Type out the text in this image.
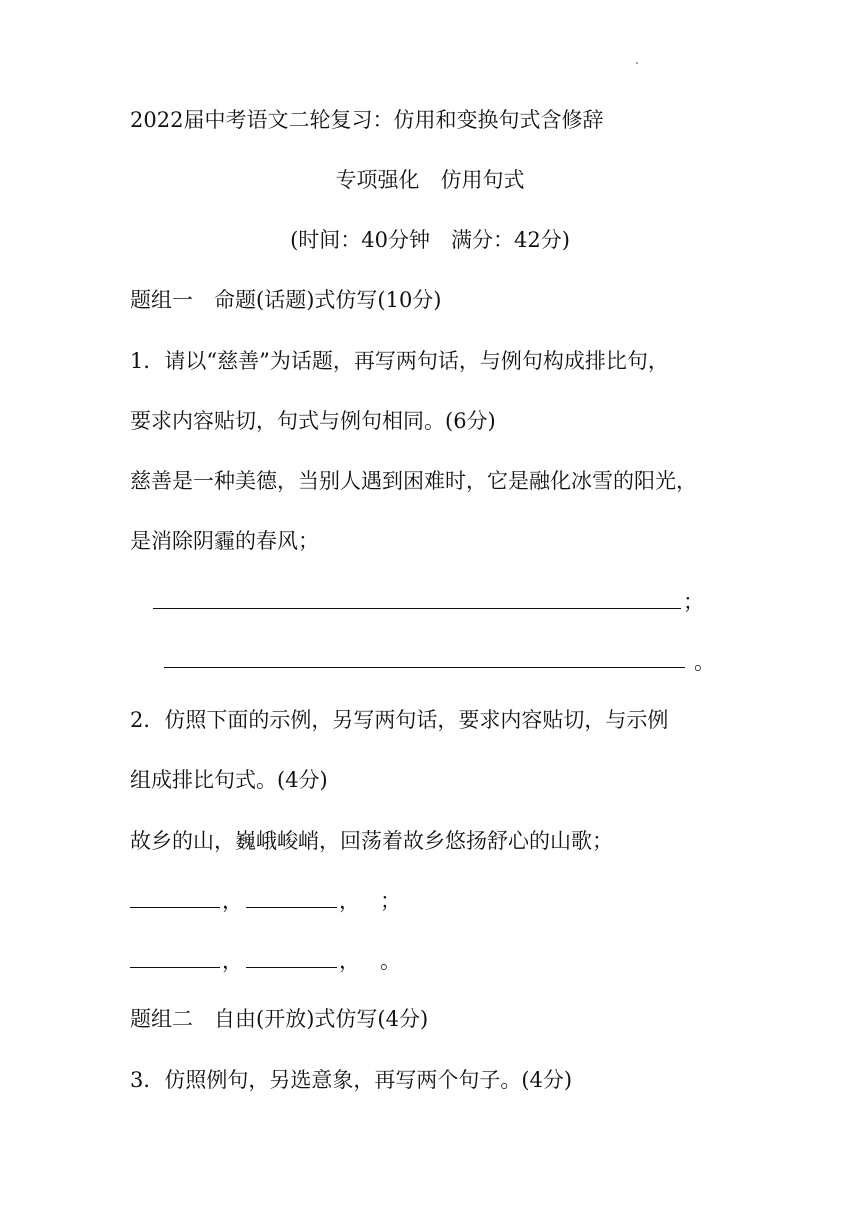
2022届中考语文二轮复习：仿用和变换句式含修辞
专项强化　仿用句式
(时间：40分钟　满分：42分)
题组一　命题(话题)式仿写(10分)
1．请以“慈善”为话题，再写两句话，与例句构成排比句，
要求内容贴切，句式与例句相同。(6分)
慈善是一种美德，当别人遇到困难时，它是融化冰雪的阳光，
是消除阴霾的春风；
；
。
2．仿照下面的示例，另写两句话，要求内容贴切，与示例
组成排比句式。(4分)
故乡的山，巍峨峻峭，回荡着故乡悠扬舒心的山歌；
，	， ；
，	， 。
题组二　自由(开放)式仿写(4分)
3．仿照例句，另选意象，再写两个句子。(4分)
